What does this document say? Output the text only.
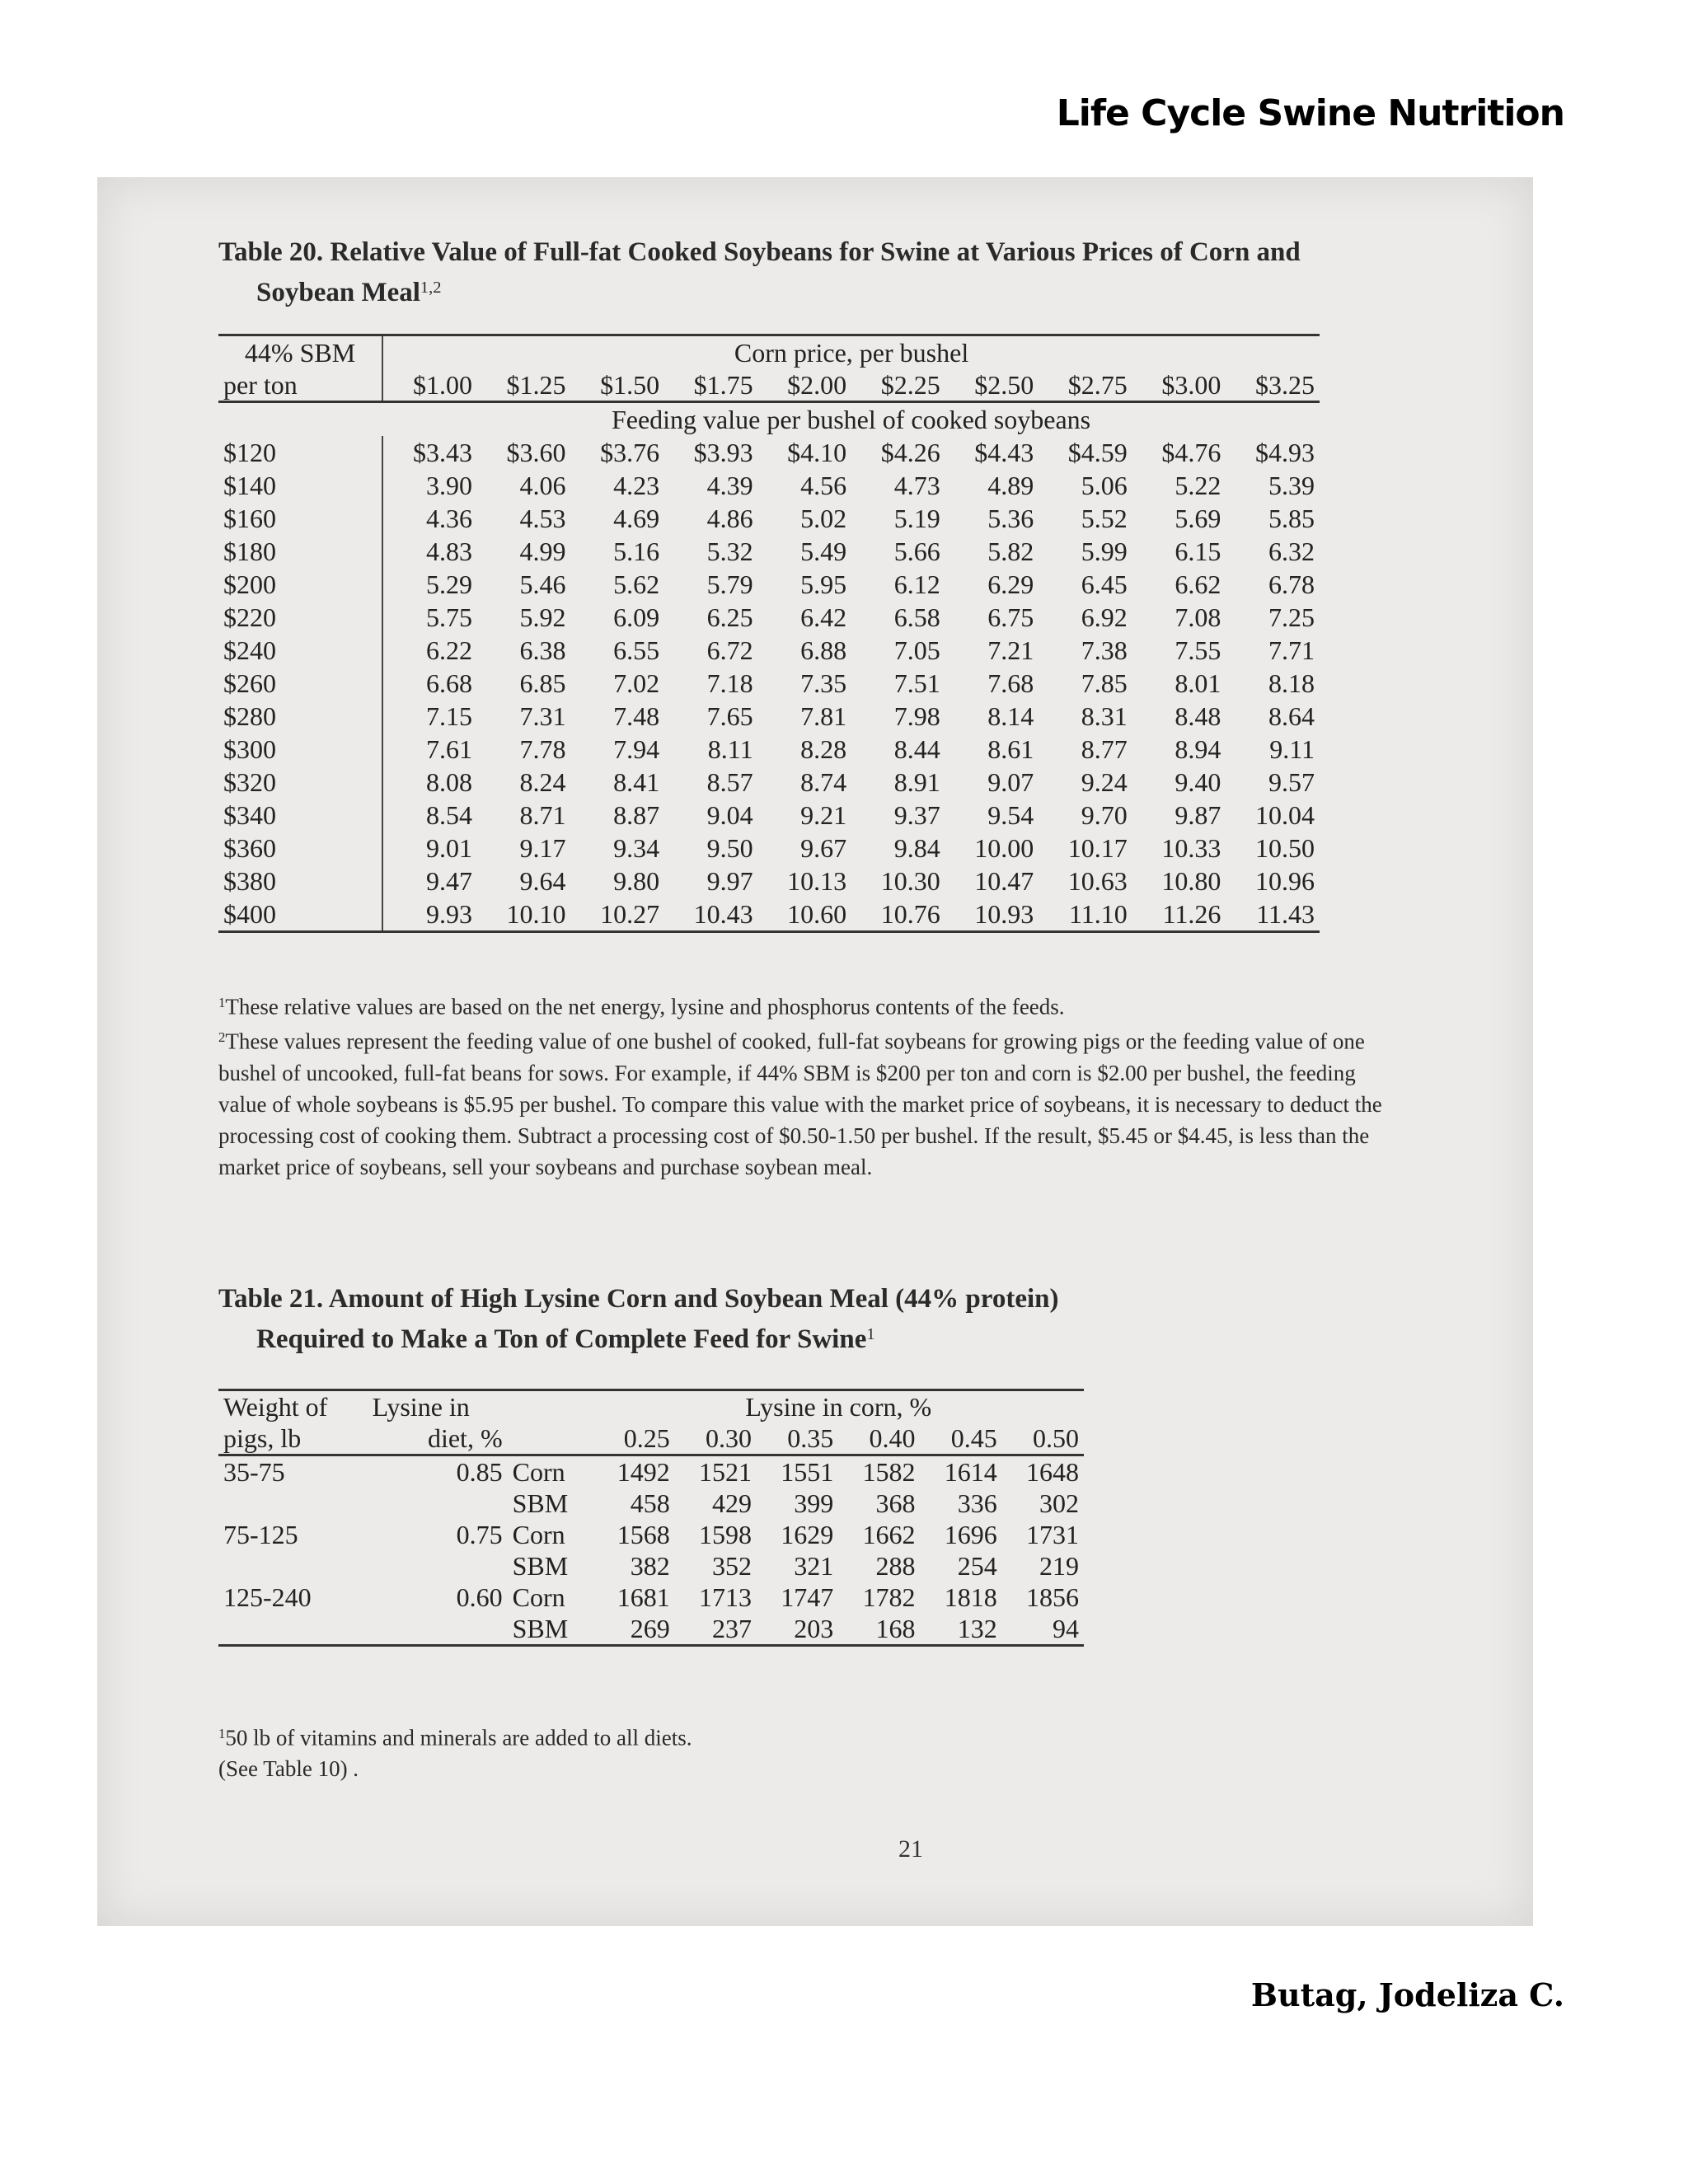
Life Cycle Swine Nutrition
Table 20. Relative Value of Full-fat Cooked Soybeans for Swine at Various Prices of Corn and
Soybean Meal$^{1,2}$
44% SBM	Corn price, per bushel									
per ton	$1.00	$1.25	$1.50	$1.75	$2.00	$2.25	$2.50	$2.75	$3.00	$3.25
	Feeding value per bushel of cooked soybeans									
$120	$3.43	$3.60	$3.76	$3.93	$4.10	$4.26	$4.43	$4.59	$4.76	$4.93
$140	3.90	4.06	4.23	4.39	4.56	4.73	4.89	5.06	5.22	5.39
$160	4.36	4.53	4.69	4.86	5.02	5.19	5.36	5.52	5.69	5.85
$180	4.83	4.99	5.16	5.32	5.49	5.66	5.82	5.99	6.15	6.32
$200	5.29	5.46	5.62	5.79	5.95	6.12	6.29	6.45	6.62	6.78
$220	5.75	5.92	6.09	6.25	6.42	6.58	6.75	6.92	7.08	7.25
$240	6.22	6.38	6.55	6.72	6.88	7.05	7.21	7.38	7.55	7.71
$260	6.68	6.85	7.02	7.18	7.35	7.51	7.68	7.85	8.01	8.18
$280	7.15	7.31	7.48	7.65	7.81	7.98	8.14	8.31	8.48	8.64
$300	7.61	7.78	7.94	8.11	8.28	8.44	8.61	8.77	8.94	9.11
$320	8.08	8.24	8.41	8.57	8.74	8.91	9.07	9.24	9.40	9.57
$340	8.54	8.71	8.87	9.04	9.21	9.37	9.54	9.70	9.87	10.04
$360	9.01	9.17	9.34	9.50	9.67	9.84	10.00	10.17	10.33	10.50
$380	9.47	9.64	9.80	9.97	10.13	10.30	10.47	10.63	10.80	10.96
$400	9.93	10.10	10.27	10.43	10.60	10.76	10.93	11.10	11.26	11.43

$^1$These relative values are based on the net energy, lysine and phosphorus contents of the feeds.

$^2$These values represent the feeding value of one bushel of cooked, full-fat soybeans for growing pigs or the feeding value of one bushel of uncooked, full-fat beans for sows. For example, if 44% SBM is $200 per ton and corn is $2.00 per bushel, the feeding value of whole soybeans is $5.95 per bushel. To compare this value with the market price of soybeans, it is necessary to deduct the processing cost of cooking them. Subtract a processing cost of $0.50-1.50 per bushel. If the result, $5.45 or $4.45, is less than the market price of soybeans, sell your soybeans and purchase soybean meal.

Table 21. Amount of High Lysine Corn and Soybean Meal (44% protein)
Required to Make a Ton of Complete Feed for Swine$^1$
Weight of	Lysine in		Lysine in corn, %					
pigs, lb	diet, %		0.25	0.30	0.35	0.40	0.45	0.50
35-75	0.85	Corn	1492	1521	1551	1582	1614	1648
		SBM	458	429	399	368	336	302
75-125	0.75	Corn	1568	1598	1629	1662	1696	1731
		SBM	382	352	321	288	254	219
125-240	0.60	Corn	1681	1713	1747	1782	1818	1856
		SBM	269	237	203	168	132	94

$^1$50 lb of vitamins and minerals are added to all diets.

(See Table 10) .

21
Butag, Jodeliza C.
